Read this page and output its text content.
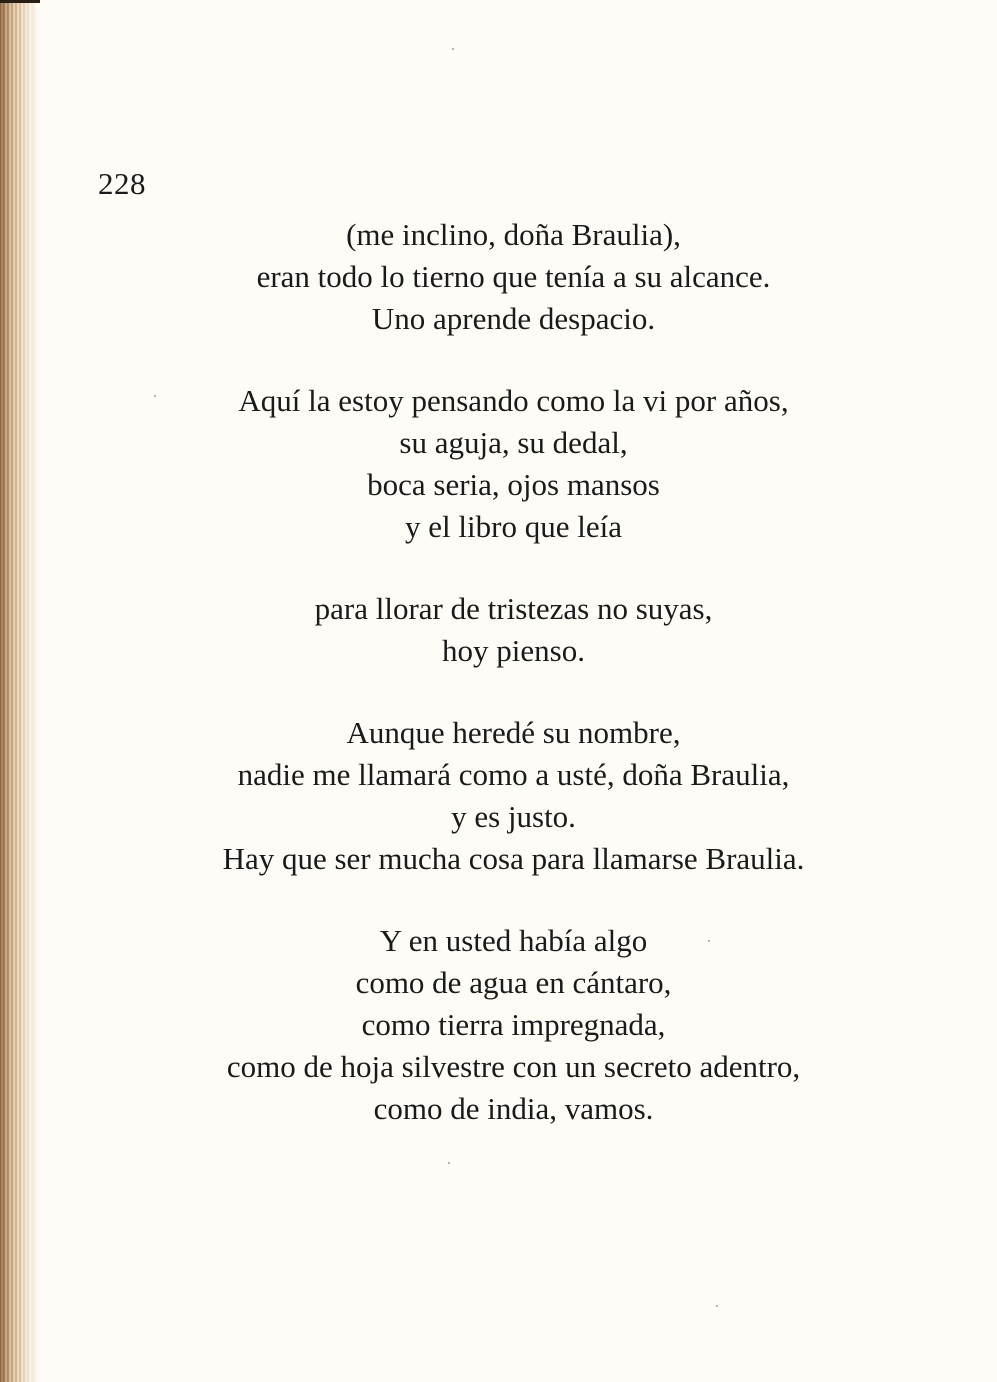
228
(me inclino, doña Braulia),
eran todo lo tierno que tenía a su alcance.
Uno aprende despacio.
Aquí la estoy pensando como la vi por años,
su aguja, su dedal,
boca seria, ojos mansos
y el libro que leía
para llorar de tristezas no suyas,
hoy pienso.
Aunque heredé su nombre,
nadie me llamará como a usté, doña Braulia,
y es justo.
Hay que ser mucha cosa para llamarse Braulia.
Y en usted había algo
como de agua en cántaro,
como tierra impregnada,
como de hoja silvestre con un secreto adentro,
como de india, vamos.
